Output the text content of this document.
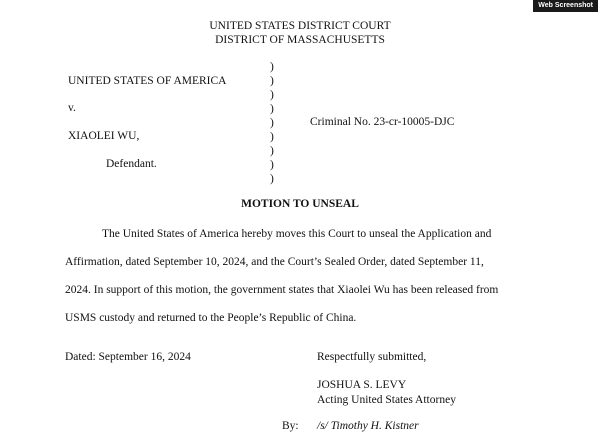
Web Screenshot
UNITED STATES DISTRICT COURT
DISTRICT OF MASSACHUSETTS
UNITED STATES OF AMERICA
v.
XIAOLEI WU,
Defendant.
)
)
)
)
)
)
)
)
)
Criminal No. 23-cr-10005-DJC
MOTION TO UNSEAL
The United States of America hereby moves this Court to unseal the Application and
Affirmation, dated September 10, 2024, and the Court’s Sealed Order, dated September 11,
2024. In support of this motion, the government states that Xiaolei Wu has been released from
USMS custody and returned to the People’s Republic of China.
Dated: September 16, 2024	Respectfully submitted,
JOSHUA S. LEVY
Acting United States Attorney
By: /s/ Timothy H. Kistner
